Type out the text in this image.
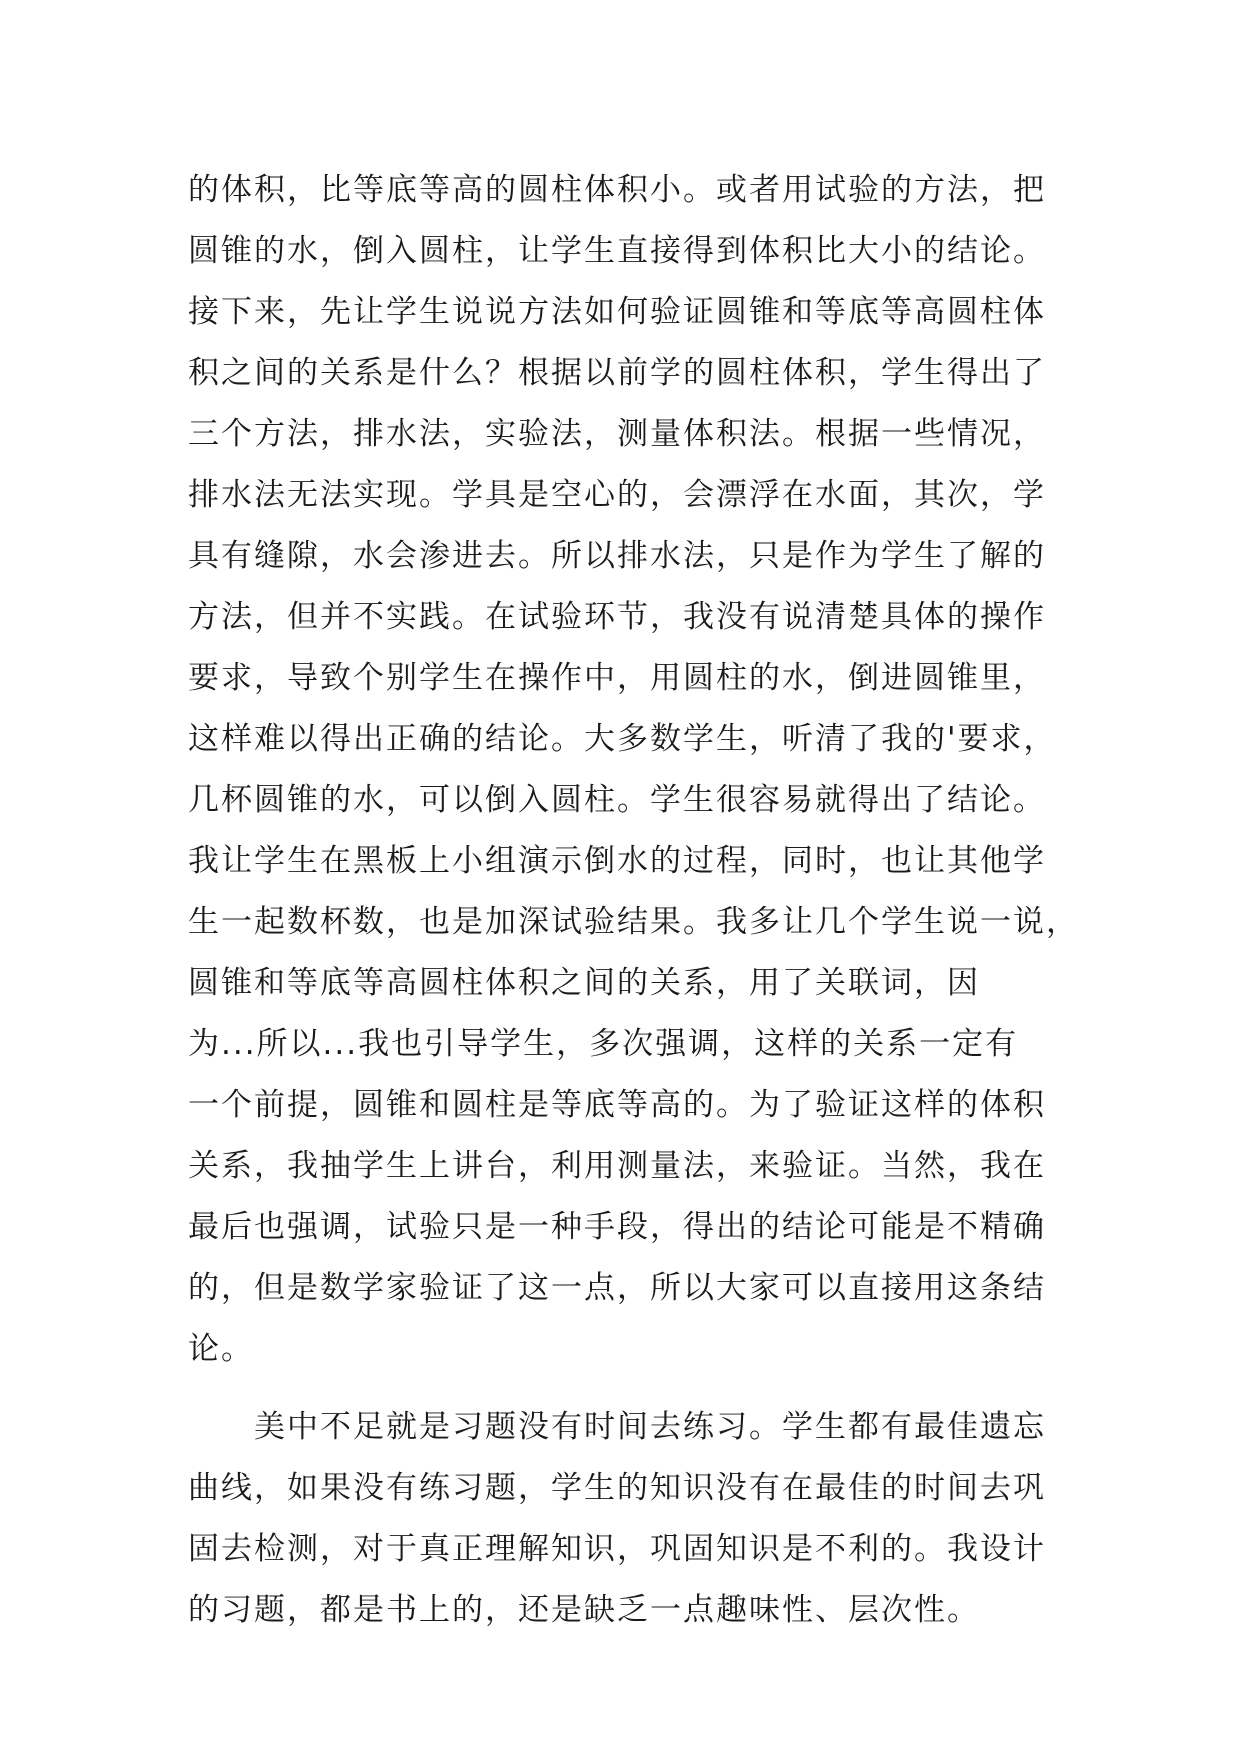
的体积，比等底等高的圆柱体积小。或者用试验的方法，把
圆锥的水，倒入圆柱，让学生直接得到体积比大小的结论。
接下来，先让学生说说方法如何验证圆锥和等底等高圆柱体
积之间的关系是什么？根据以前学的圆柱体积，学生得出了
三个方法，排水法，实验法，测量体积法。根据一些情况，
排水法无法实现。学具是空心的，会漂浮在水面，其次，学
具有缝隙，水会渗进去。所以排水法，只是作为学生了解的
方法，但并不实践。在试验环节，我没有说清楚具体的操作
要求，导致个别学生在操作中，用圆柱的水，倒进圆锥里，
这样难以得出正确的结论。大多数学生，听清了我的'要求，
几杯圆锥的水，可以倒入圆柱。学生很容易就得出了结论。
我让学生在黑板上小组演示倒水的过程，同时，也让其他学
生一起数杯数，也是加深试验结果。我多让几个学生说一说，
圆锥和等底等高圆柱体积之间的关系，用了关联词，因
为...所以...我也引导学生，多次强调，这样的关系一定有
一个前提，圆锥和圆柱是等底等高的。为了验证这样的体积
关系，我抽学生上讲台，利用测量法，来验证。当然，我在
最后也强调，试验只是一种手段，得出的结论可能是不精确
的，但是数学家验证了这一点，所以大家可以直接用这条结
论。
　　美中不足就是习题没有时间去练习。学生都有最佳遗忘
曲线，如果没有练习题，学生的知识没有在最佳的时间去巩
固去检测，对于真正理解知识，巩固知识是不利的。我设计
的习题，都是书上的，还是缺乏一点趣味性、层次性。
